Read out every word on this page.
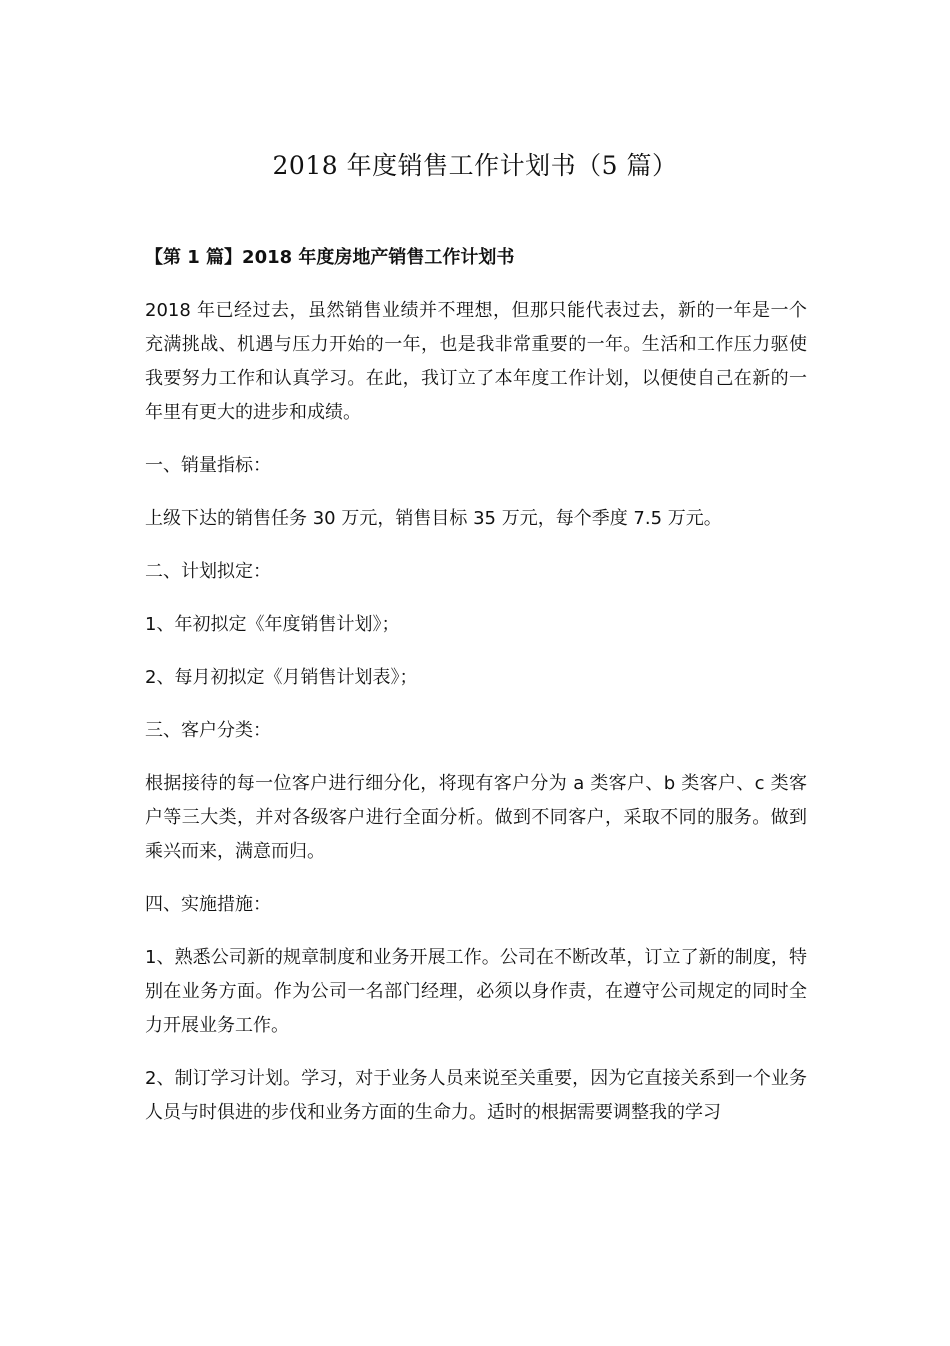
2018 年度销售工作计划书（5 篇）

【第 1 篇】2018 年度房地产销售工作计划书

2018 年已经过去，虽然销售业绩并不理想，但那只能代表过去，新的一年是一个充满挑战、机遇与压力开始的一年，也是我非常重要的一年。生活和工作压力驱使我要努力工作和认真学习。在此，我订立了本年度工作计划，以便使自己在新的一年里有更大的进步和成绩。

一、销量指标：

上级下达的销售任务 30 万元，销售目标 35 万元，每个季度 7.5 万元。

二、计划拟定：

1、年初拟定《年度销售计划》；

2、每月初拟定《月销售计划表》；

三、客户分类：

根据接待的每一位客户进行细分化，将现有客户分为 a 类客户、b 类客户、c 类客户等三大类，并对各级客户进行全面分析。做到不同客户，采取不同的服务。做到乘兴而来，满意而归。

四、实施措施：

1、熟悉公司新的规章制度和业务开展工作。公司在不断改革，订立了新的制度，特别在业务方面。作为公司一名部门经理，必须以身作责，在遵守公司规定的同时全力开展业务工作。

2、制订学习计划。学习，对于业务人员来说至关重要，因为它直接关系到一个业务人员与时俱进的步伐和业务方面的生命力。适时的根据需要调整我的学习
